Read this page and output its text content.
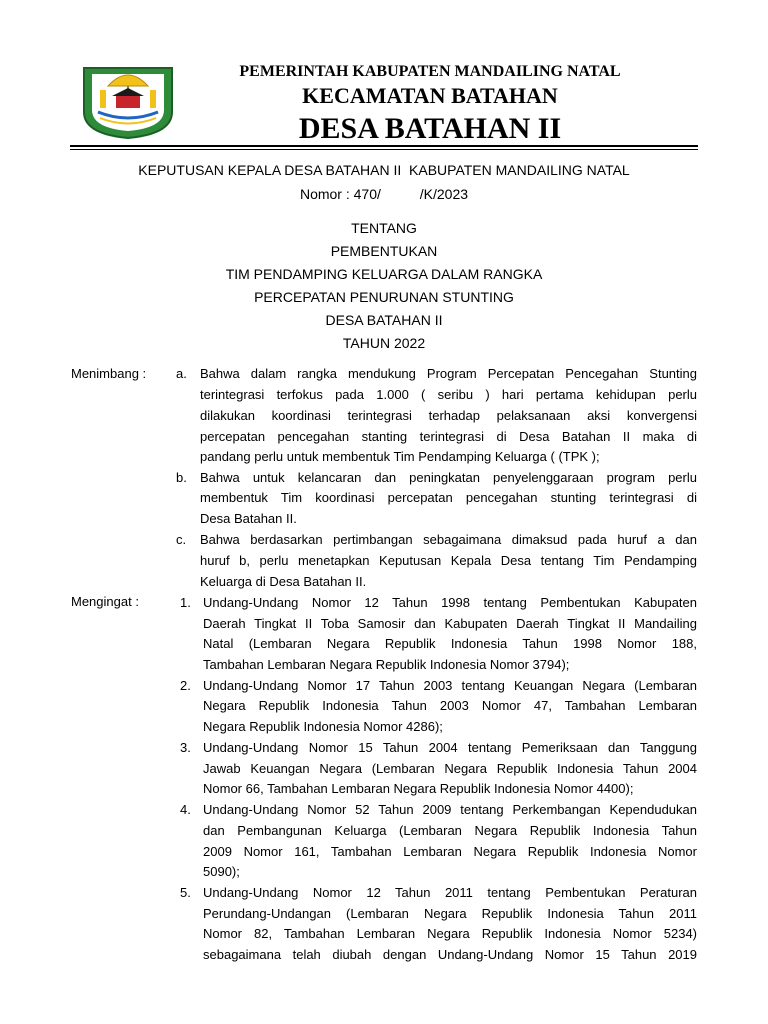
PEMERINTAH KABUPATEN MANDAILING NATAL
KECAMATAN BATAHAN
DESA BATAHAN II
KEPUTUSAN KEPALA DESA BATAHAN II  KABUPATEN MANDAILING NATAL
Nomor : 470/          /K/2023
TENTANG
PEMBENTUKAN
TIM PENDAMPING KELUARGA DALAM RANGKA
PERCEPATAN PENURUNAN STUNTING
DESA BATAHAN II
TAHUN 2022
Menimbang : a. Bahwa dalam rangka mendukung Program Percepatan Pencegahan Stunting
terintegrasi terfokus pada 1.000 ( seribu ) hari pertama kehidupan perlu
dilakukan koordinasi terintegrasi terhadap pelaksanaan aksi konvergensi
percepatan pencegahan stanting terintegrasi di Desa Batahan II maka di
pandang perlu untuk membentuk Tim Pendamping Keluarga ( (TPK );
b. Bahwa untuk kelancaran dan peningkatan penyelenggaraan program perlu
membentuk Tim koordinasi percepatan pencegahan stunting terintegrasi di
Desa Batahan II.
c. Bahwa berdasarkan pertimbangan sebagaimana dimaksud pada huruf a dan
huruf b, perlu menetapkan Keputusan Kepala Desa tentang Tim Pendamping
Keluarga di Desa Batahan II.
Mengingat :	1. Undang-Undang Nomor 12 Tahun 1998 tentang Pembentukan Kabupaten
Daerah Tingkat II Toba Samosir dan Kabupaten Daerah Tingkat II Mandailing
Natal (Lembaran Negara Republik Indonesia Tahun 1998 Nomor 188,
Tambahan Lembaran Negara Republik Indonesia Nomor 3794);
2. Undang-Undang Nomor 17 Tahun 2003 tentang Keuangan Negara (Lembaran
Negara Republik Indonesia Tahun 2003 Nomor 47, Tambahan Lembaran
Negara Republik Indonesia Nomor 4286);
3. Undang-Undang Nomor 15 Tahun 2004 tentang Pemeriksaan dan Tanggung
Jawab Keuangan Negara (Lembaran Negara Republik Indonesia Tahun 2004
Nomor 66, Tambahan Lembaran Negara Republik Indonesia Nomor 4400);
4. Undang-Undang Nomor 52 Tahun 2009 tentang Perkembangan Kependudukan
dan Pembangunan Keluarga (Lembaran Negara Republik Indonesia Tahun
2009 Nomor 161, Tambahan Lembaran Negara Republik Indonesia Nomor
5090);
5. Undang-Undang Nomor 12 Tahun 2011 tentang Pembentukan Peraturan
Perundang-Undangan (Lembaran Negara Republik Indonesia Tahun 2011
Nomor 82, Tambahan Lembaran Negara Republik Indonesia Nomor 5234)
sebagaimana telah diubah dengan Undang-Undang Nomor 15 Tahun 2019
